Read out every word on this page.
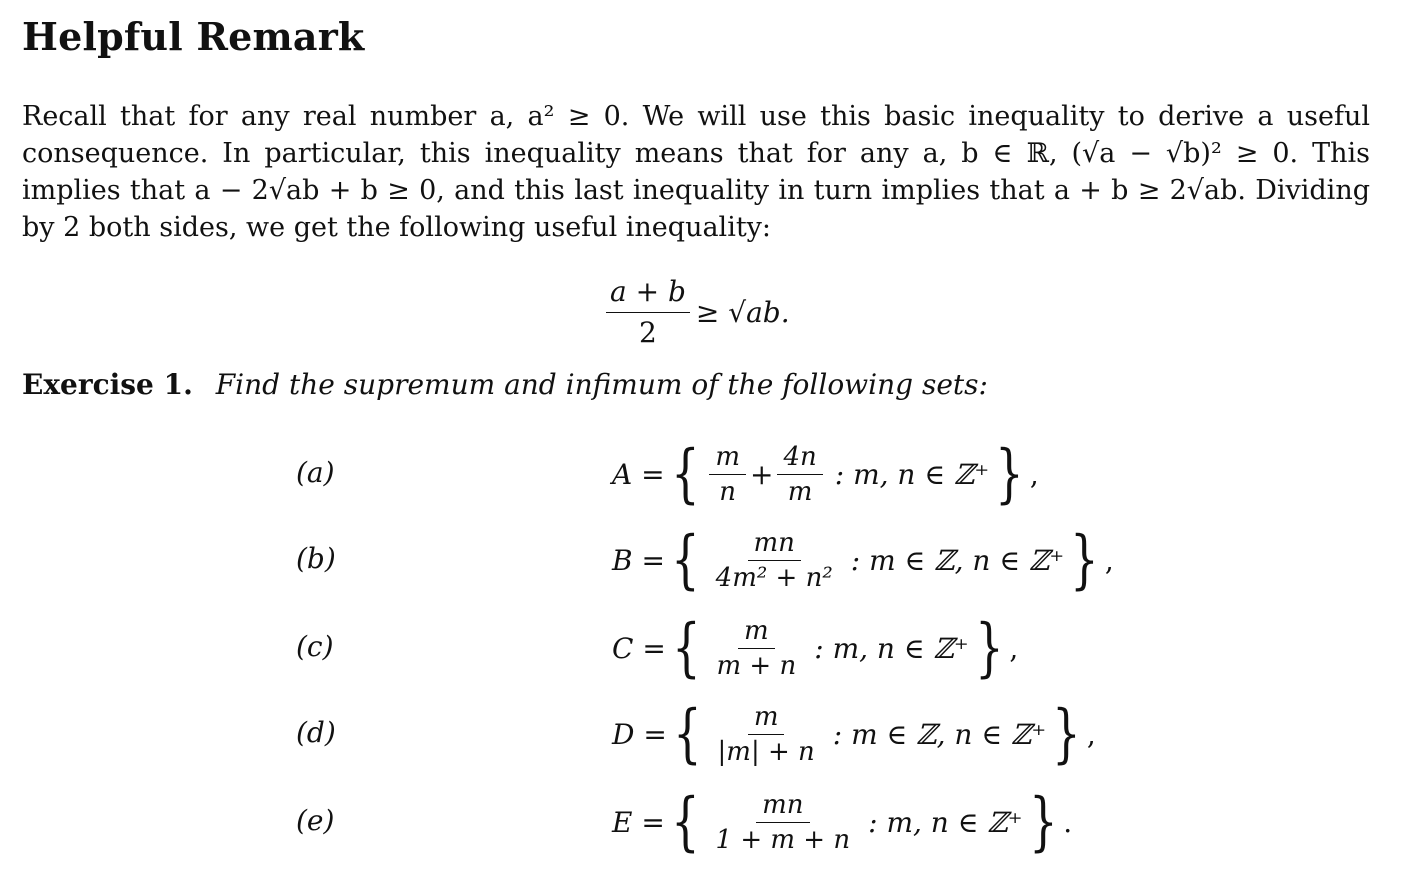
Helpful Remark

Recall that for any real number a, a² ≥ 0. We will use this basic inequality to derive a useful consequence. In particular, this inequality means that for any a, b ∈ ℝ, (√a − √b)² ≥ 0. This implies that a − 2√ab + b ≥ 0, and this last inequality in turn implies that a + b ≥ 2√ab. Dividing by 2 both sides, we get the following useful inequality:

$\frac{a + b}{2} \ge √ab$.
Exercise 1. Find the supremum and infimum of the following sets:
(a)	A = { $\frac{m}{n} + \frac{4n}{m}$ : m, n ∈ ℤ⁺ } ,
(b)	B = { $\frac{mn}{\text{4m² + n²}}$ : m ∈ ℤ, n ∈ ℤ⁺ } ,
(c)	C = { $\frac{m}{m + n}$ : m, n ∈ ℤ⁺ } ,
(d)	D = { $\frac{m}{|m| + n}$ : m ∈ ℤ, n ∈ ℤ⁺ } ,
(e)	E = { $\frac{mn}{1 + m + n}$ : m, n ∈ ℤ⁺ } .
